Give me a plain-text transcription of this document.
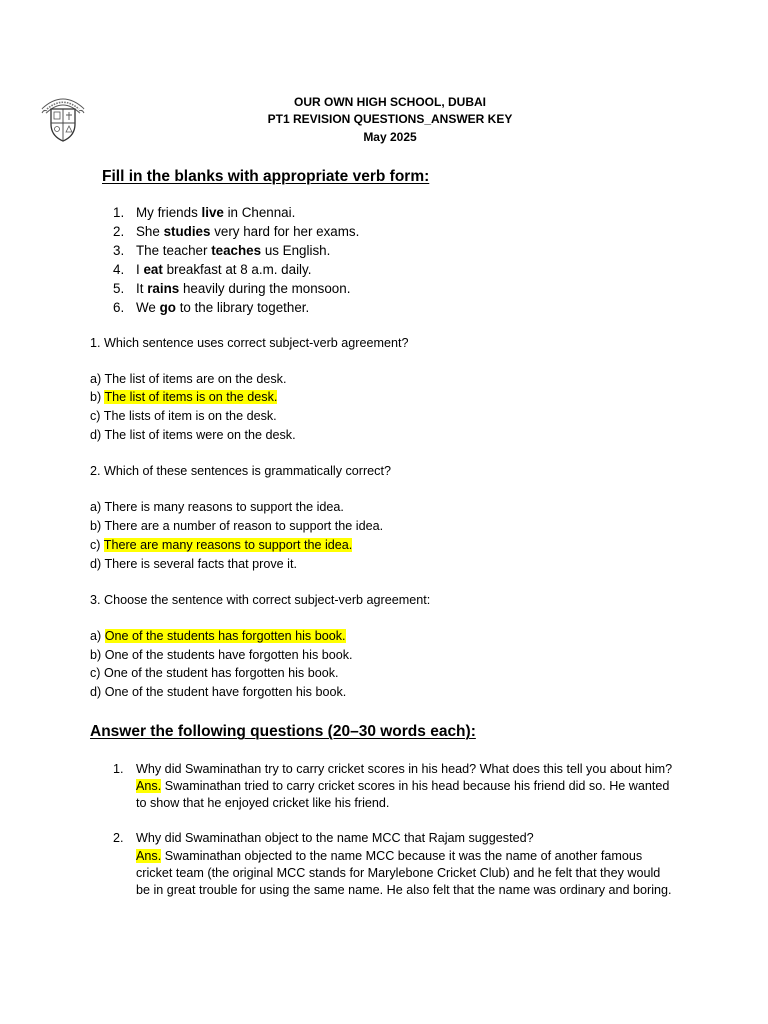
OUR OWN HIGH SCHOOL, DUBAI
PT1 REVISION QUESTIONS_ANSWER KEY
May 2025
Fill in the blanks with appropriate verb form:
1. My friends live in Chennai.
2. She studies very hard for her exams.
3. The teacher teaches us English.
4. I eat breakfast at 8 a.m. daily.
5. It rains heavily during the monsoon.
6. We go to the library together.
1. Which sentence uses correct subject-verb agreement?
a) The list of items are on the desk.
b) The list of items is on the desk.
c) The lists of item is on the desk.
d) The list of items were on the desk.
2. Which of these sentences is grammatically correct?
a) There is many reasons to support the idea.
b) There are a number of reason to support the idea.
c) There are many reasons to support the idea.
d) There is several facts that prove it.
3. Choose the sentence with correct subject-verb agreement:
a) One of the students has forgotten his book.
b) One of the students have forgotten his book.
c) One of the student has forgotten his book.
d) One of the student have forgotten his book.
Answer the following questions (20–30 words each):
1. Why did Swaminathan try to carry cricket scores in his head? What does this tell you about him?
Ans. Swaminathan tried to carry cricket scores in his head because his friend did so. He wanted
to show that he enjoyed cricket like his friend.
2. Why did Swaminathan object to the name MCC that Rajam suggested?
Ans. Swaminathan objected to the name MCC because it was the name of another famous
cricket team (the original MCC stands for Marylebone Cricket Club) and he felt that they would
be in great trouble for using the same name. He also felt that the name was ordinary and boring.
